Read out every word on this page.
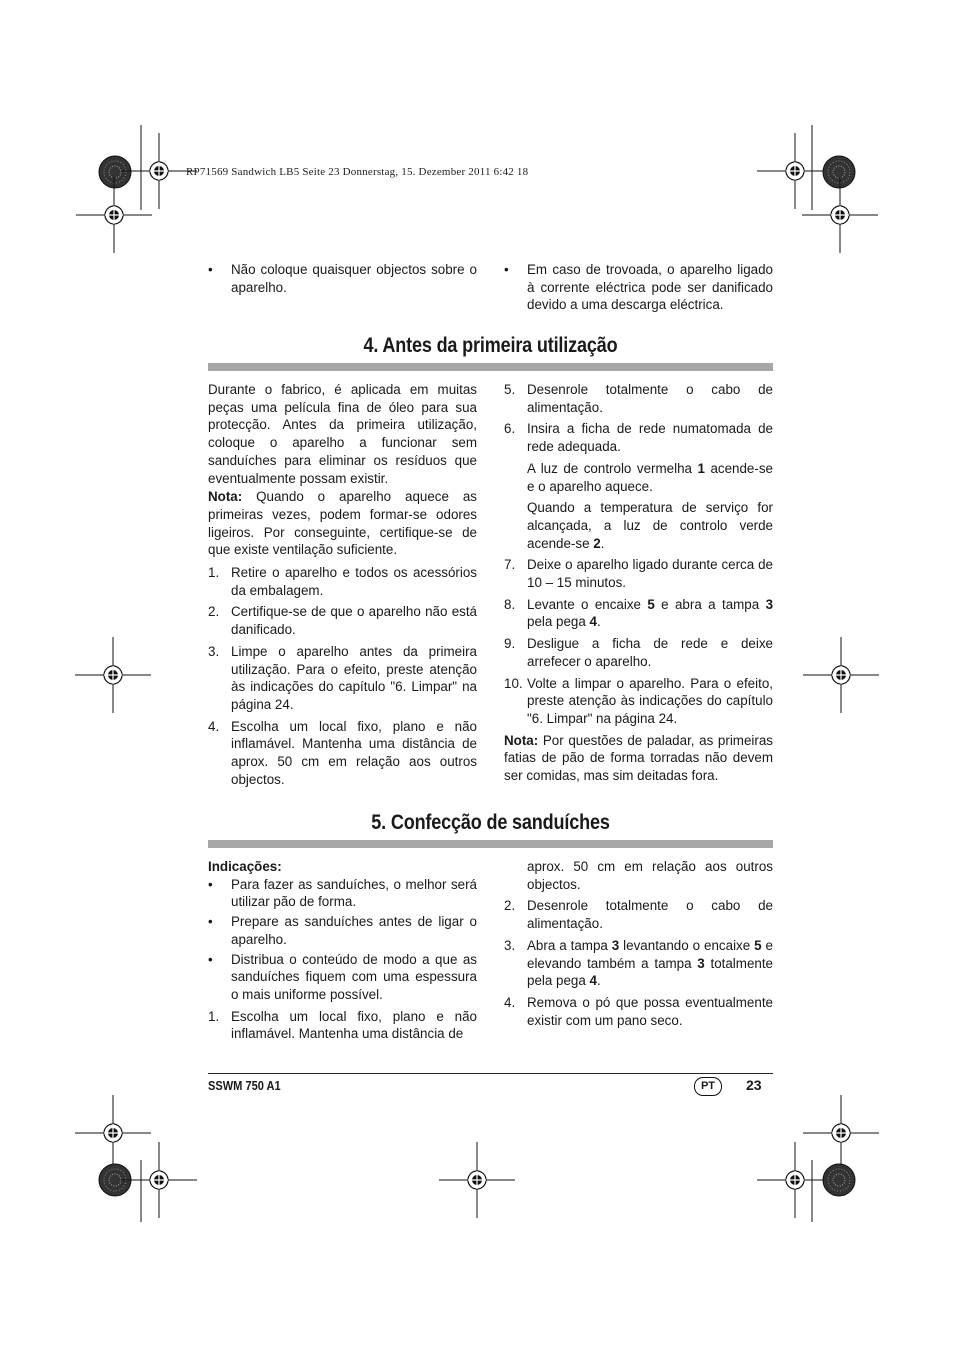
RP71569 Sandwich LB5 Seite 23 Donnerstag, 15. Dezember 2011 6:42 18

• Não coloque quaisquer objectos sobre o aparelho.

• Em caso de trovoada, o aparelho ligado à corrente eléctrica pode ser danificado devido a uma descarga eléctrica.

4. Antes da primeira utilização

Durante o fabrico, é aplicada em muitas peças uma película fina de óleo para sua protecção. Antes da primeira utilização, coloque o aparelho a funcionar sem sanduíches para eliminar os resíduos que eventualmente possam existir.

Nota: Quando o aparelho aquece as primeiras vezes, podem formar-se odores ligeiros. Por conseguinte, certifique-se de que existe ventilação suficiente.

1. Retire o aparelho e todos os acessórios da embalagem.

2. Certifique-se de que o aparelho não está danificado.

3. Limpe o aparelho antes da primeira utilização. Para o efeito, preste atenção às indicações do capítulo "6. Limpar" na página 24.

4. Escolha um local fixo, plano e não inflamável. Mantenha uma distância de aprox. 50 cm em relação aos outros objectos.

5. Desenrole totalmente o cabo de alimentação.

6. Insira a ficha de rede numatomada de rede adequada.

A luz de controlo vermelha 1 acende-se e o aparelho aquece.

Quando a temperatura de serviço for alcançada, a luz de controlo verde acende-se 2.

7. Deixe o aparelho ligado durante cerca de 10 – 15 minutos.

8. Levante o encaixe 5 e abra a tampa 3 pela pega 4.

9. Desligue a ficha de rede e deixe arrefecer o aparelho.

10. Volte a limpar o aparelho. Para o efeito, preste atenção às indicações do capítulo "6. Limpar" na página 24.

Nota: Por questões de paladar, as primeiras fatias de pão de forma torradas não devem ser comidas, mas sim deitadas fora.

5. Confecção de sanduíches

Indicações:

• Para fazer as sanduíches, o melhor será utilizar pão de forma.

• Prepare as sanduíches antes de ligar o aparelho.

• Distribua o conteúdo de modo a que as sanduíches fiquem com uma espessura o mais uniforme possível.

1. Escolha um local fixo, plano e não inflamável. Mantenha uma distância de

aprox. 50 cm em relação aos outros objectos.

2. Desenrole totalmente o cabo de alimentação.

3. Abra a tampa 3 levantando o encaixe 5 e elevando também a tampa 3 totalmente pela pega 4.

4. Remova o pó que possa eventualmente existir com um pano seco.

SSWM 750 A1	PT	23
